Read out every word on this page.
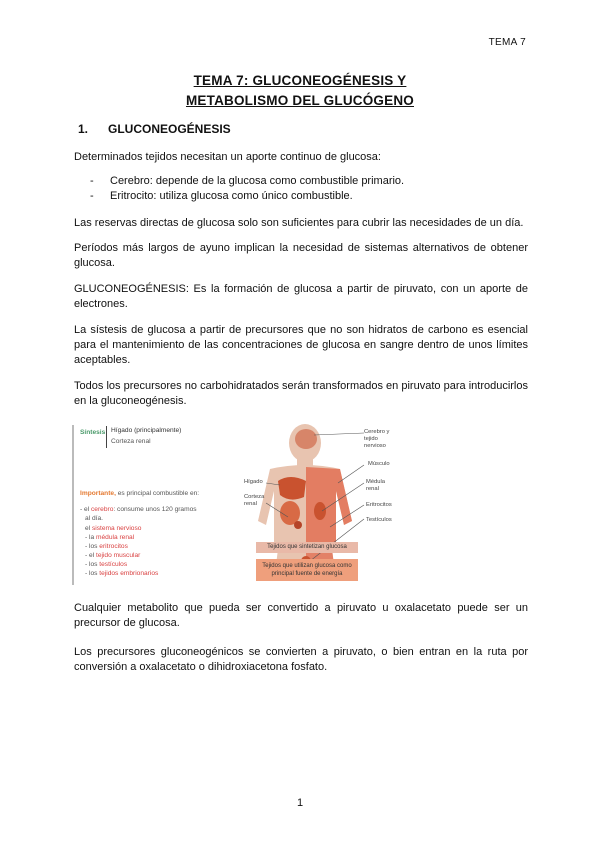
TEMA 7
TEMA 7: GLUCONEOGÉNESIS Y
METABOLISMO DEL GLUCÓGENO
1. GLUCONEOGÉNESIS
Determinados tejidos necesitan un aporte continuo de glucosa:
- Cerebro: depende de la glucosa como combustible primario.
- Eritrocito: utiliza glucosa como único combustible.
Las reservas directas de glucosa solo son suficientes para cubrir las necesidades de un día.
Períodos más largos de ayuno implican la necesidad de sistemas alternativos de obtener glucosa.
GLUCONEOGÉNESIS: Es la formación de glucosa a partir de piruvato, con un aporte de electrones.
La sístesis de glucosa a partir de precursores que no son hidratos de carbono es esencial para el mantenimiento de las concentraciones de glucosa en sangre dentro de unos límites aceptables.
Todos los precursores no carbohidratados serán transformados en piruvato para introducirlos en la gluconeogénesis.
Síntesis Hígado (principalmente)
Corteza renal
Importante, es principal combustible en:
- el cerebro: consume unos 120 gramos
al día.
el sistema nervioso
- la médula renal
- los eritrocitos
- el tejido muscular
- los testículos
- los tejidos embrionarios
Cerebro y
tejido
nervioso
Músculo
Hígado
Corteza
renal
Médula
renal
Eritrocitos
Testículos
Tejidos que sintetizan glucosa
Tejidos que utilizan glucosa como
principal fuente de energía
Cualquier metabolito que pueda ser convertido a piruvato u oxalacetato puede ser un precursor de glucosa.
Los precursores gluconeogénicos se convierten a piruvato, o bien entran en la ruta por conversión a oxalacetato o dihidroxiacetona fosfato.
1
